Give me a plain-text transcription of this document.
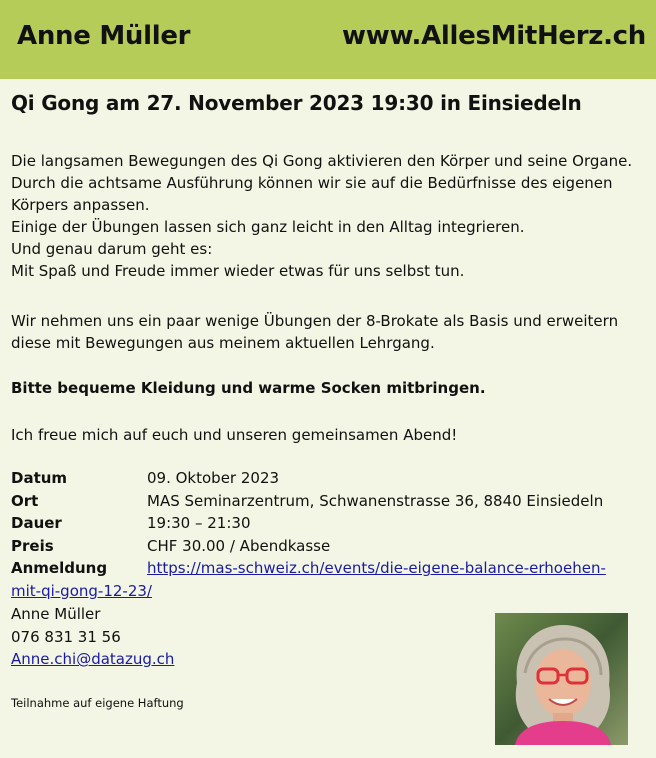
Anne Müller	www.AllesMitHerz.ch
Qi Gong am 27. November 2023 19:30 in Einsiedeln
Die langsamen Bewegungen des Qi Gong aktivieren den Körper und seine Organe.
Durch die achtsame Ausführung können wir sie auf die Bedürfnisse des eigenen
Körpers anpassen.
Einige der Übungen lassen sich ganz leicht in den Alltag integrieren.
Und genau darum geht es:
Mit Spaß und Freude immer wieder etwas für uns selbst tun.
Wir nehmen uns ein paar wenige Übungen der 8-Brokate als Basis und erweitern
diese mit Bewegungen aus meinem aktuellen Lehrgang.
Bitte bequeme Kleidung und warme Socken mitbringen.
Ich freue mich auf euch und unseren gemeinsamen Abend!
Datum	09. Oktober 2023
Ort	MAS Seminarzentrum, Schwanenstrasse 36, 8840 Einsiedeln
Dauer	19:30 – 21:30
Preis	CHF 30.00 / Abendkasse
Anmeldung	https://mas-schweiz.ch/events/die-eigene-balance-erhoehen-
mit-qi-gong-12-23/
Anne Müller
076 831 31 56
Anne.chi@datazug.ch
Teilnahme auf eigene Haftung
